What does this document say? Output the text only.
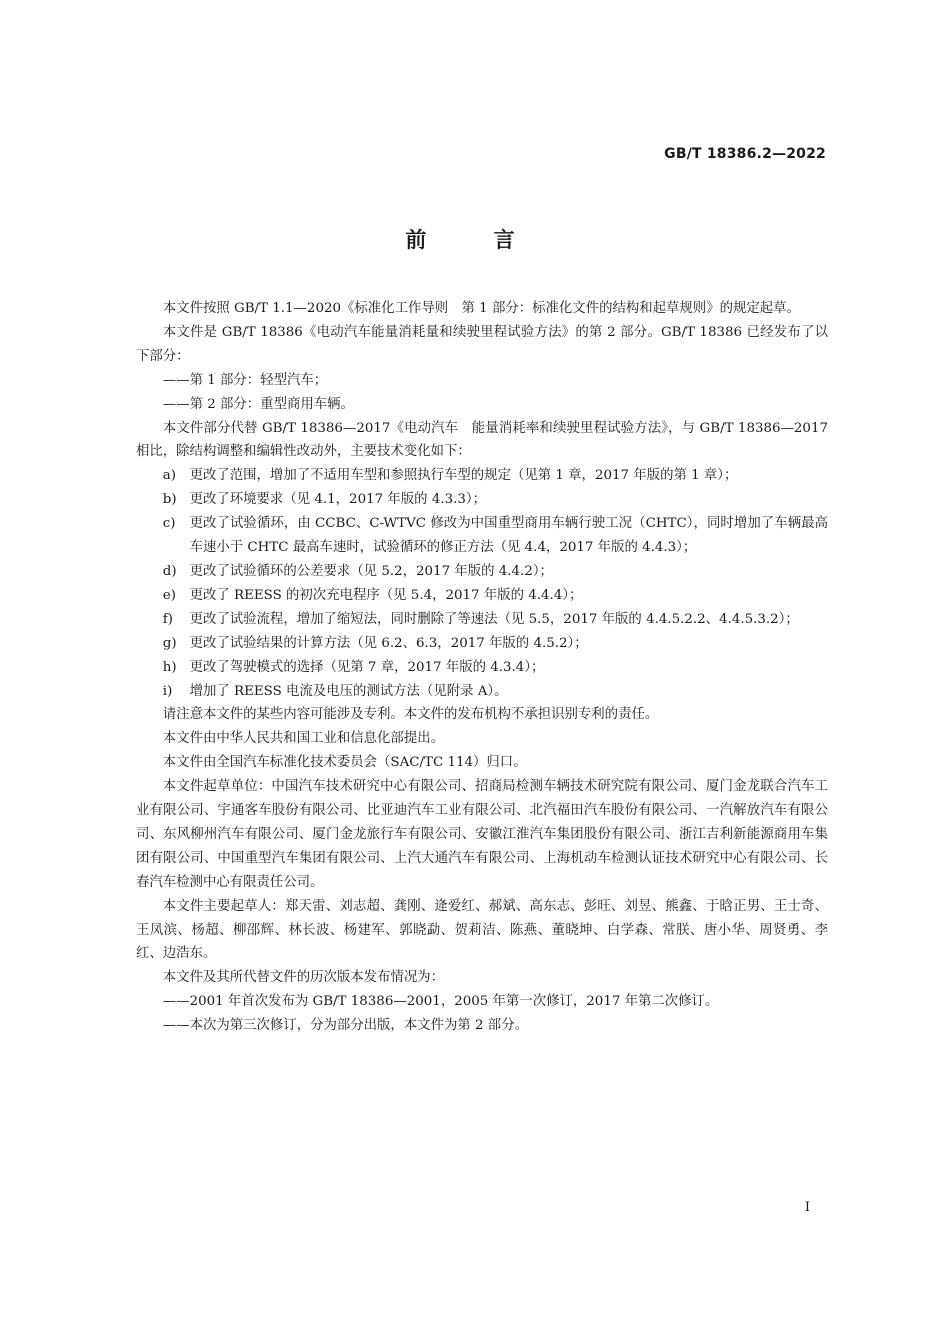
GB/T 18386.2—2022
前 言

本文件按照 GB/T 1.1—2020《标准化工作导则　第 1 部分：标准化文件的结构和起草规则》的规定起草。

本文件是 GB/T 18386《电动汽车能量消耗量和续驶里程试验方法》的第 2 部分。GB/T 18386 已经发布了以下部分：

——第 1 部分：轻型汽车；

——第 2 部分：重型商用车辆。

本文件部分代替 GB/T 18386—2017《电动汽车　能量消耗率和续驶里程试验方法》，与 GB/T 18386—2017 相比，除结构调整和编辑性改动外，主要技术变化如下：

a)	更改了范围，增加了不适用车型和参照执行车型的规定（见第 1 章，2017 年版的第 1 章）；
b) 更改了环境要求（见 4.1，2017 年版的 4.3.3）；
c)	更改了试验循环，由 CCBC、C-WTVC 修改为中国重型商用车辆行驶工况（CHTC），同时增加了车辆最高车速小于 CHTC 最高车速时，试验循环的修正方法（见 4.4，2017 年版的 4.4.3）；
d) 更改了试验循环的公差要求（见 5.2，2017 年版的 4.4.2）；
e)	更改了 REESS 的初次充电程序（见 5.4，2017 年版的 4.4.4）；
f)	更改了试验流程，增加了缩短法，同时删除了等速法（见 5.5，2017 年版的 4.4.5.2.2、4.4.5.3.2）；
g) 更改了试验结果的计算方法（见 6.2、6.3，2017 年版的 4.5.2）；
h) 更改了驾驶模式的选择（见第 7 章，2017 年版的 4.3.4）；
i)	增加了 REESS 电流及电压的测试方法（见附录 A）。

请注意本文件的某些内容可能涉及专利。本文件的发布机构不承担识别专利的责任。

本文件由中华人民共和国工业和信息化部提出。

本文件由全国汽车标准化技术委员会（SAC/TC 114）归口。

本文件起草单位：中国汽车技术研究中心有限公司、招商局检测车辆技术研究院有限公司、厦门金龙联合汽车工业有限公司、宇通客车股份有限公司、比亚迪汽车工业有限公司、北汽福田汽车股份有限公司、一汽解放汽车有限公司、东风柳州汽车有限公司、厦门金龙旅行车有限公司、安徽江淮汽车集团股份有限公司、浙江吉利新能源商用车集团有限公司、中国重型汽车集团有限公司、上汽大通汽车有限公司、上海机动车检测认证技术研究中心有限公司、长春汽车检测中心有限责任公司。

本文件主要起草人：郑天雷、刘志超、龚刚、逄爱红、郝斌、高东志、彭旺、刘昱、熊鑫、于晗正男、王士奇、王凤滨、杨超、柳邵辉、林长波、杨建军、郭晓勐、贺莉洁、陈燕、董晓坤、白学森、常朕、唐小华、周贤勇、李红、边浩东。

本文件及其所代替文件的历次版本发布情况为：

——2001 年首次发布为 GB/T 18386—2001，2005 年第一次修订，2017 年第二次修订。

——本次为第三次修订，分为部分出版，本文件为第 2 部分。

I
